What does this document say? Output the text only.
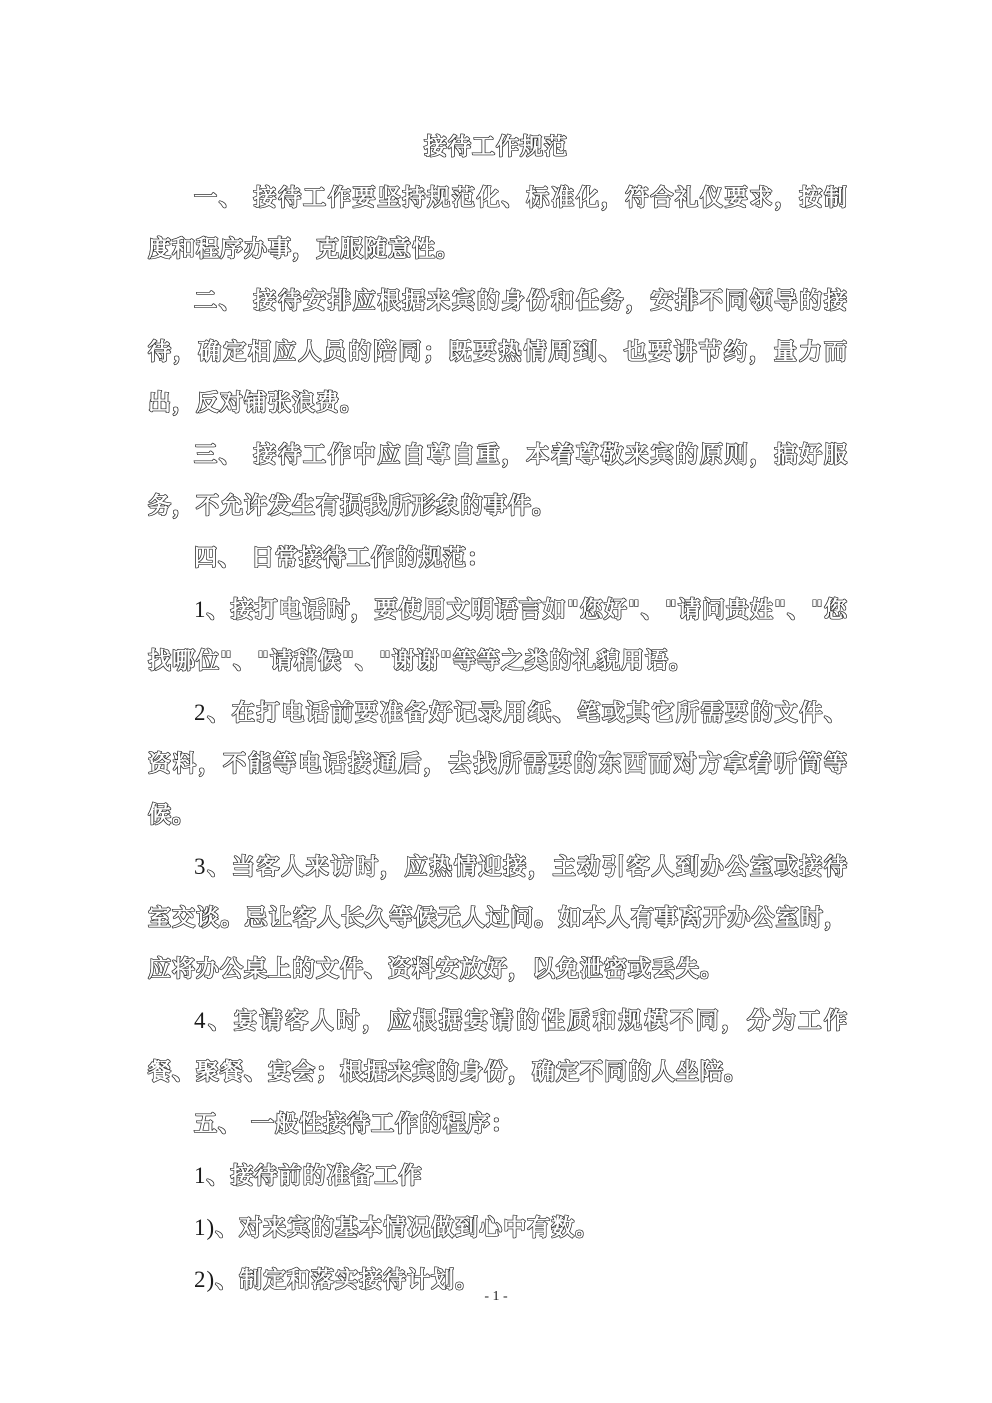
接待工作规范

一、 接待工作要坚持规范化、标准化，符合礼仪要求，按制度和程序办事，克服随意性。

二、 接待安排应根据来宾的身份和任务，安排不同领导的接待，确定相应人员的陪同；既要热情周到、也要讲节约，量力而出，反对铺张浪费。

三、 接待工作中应自尊自重，本着尊敬来宾的原则，搞好服务，不允许发生有损我所形象的事件。

四、 日常接待工作的规范：

1、接打电话时，要使用文明语言如"您好"、"请问贵姓"、"您找哪位"、"请稍候"、"谢谢"等等之类的礼貌用语。

2、在打电话前要准备好记录用纸、笔或其它所需要的文件、资料，不能等电话接通后，去找所需要的东西而对方拿着听筒等候。

3、当客人来访时，应热情迎接，主动引客人到办公室或接待室交谈。忌让客人长久等候无人过问。如本人有事离开办公室时，应将办公桌上的文件、资料安放好，以免泄密或丢失。

4、宴请客人时，应根据宴请的性质和规模不同，分为工作餐、聚餐、宴会；根据来宾的身份，确定不同的人坐陪。

五、 一般性接待工作的程序：

1、接待前的准备工作

1)、对来宾的基本情况做到心中有数。

2)、制定和落实接待计划。

- 1 -
